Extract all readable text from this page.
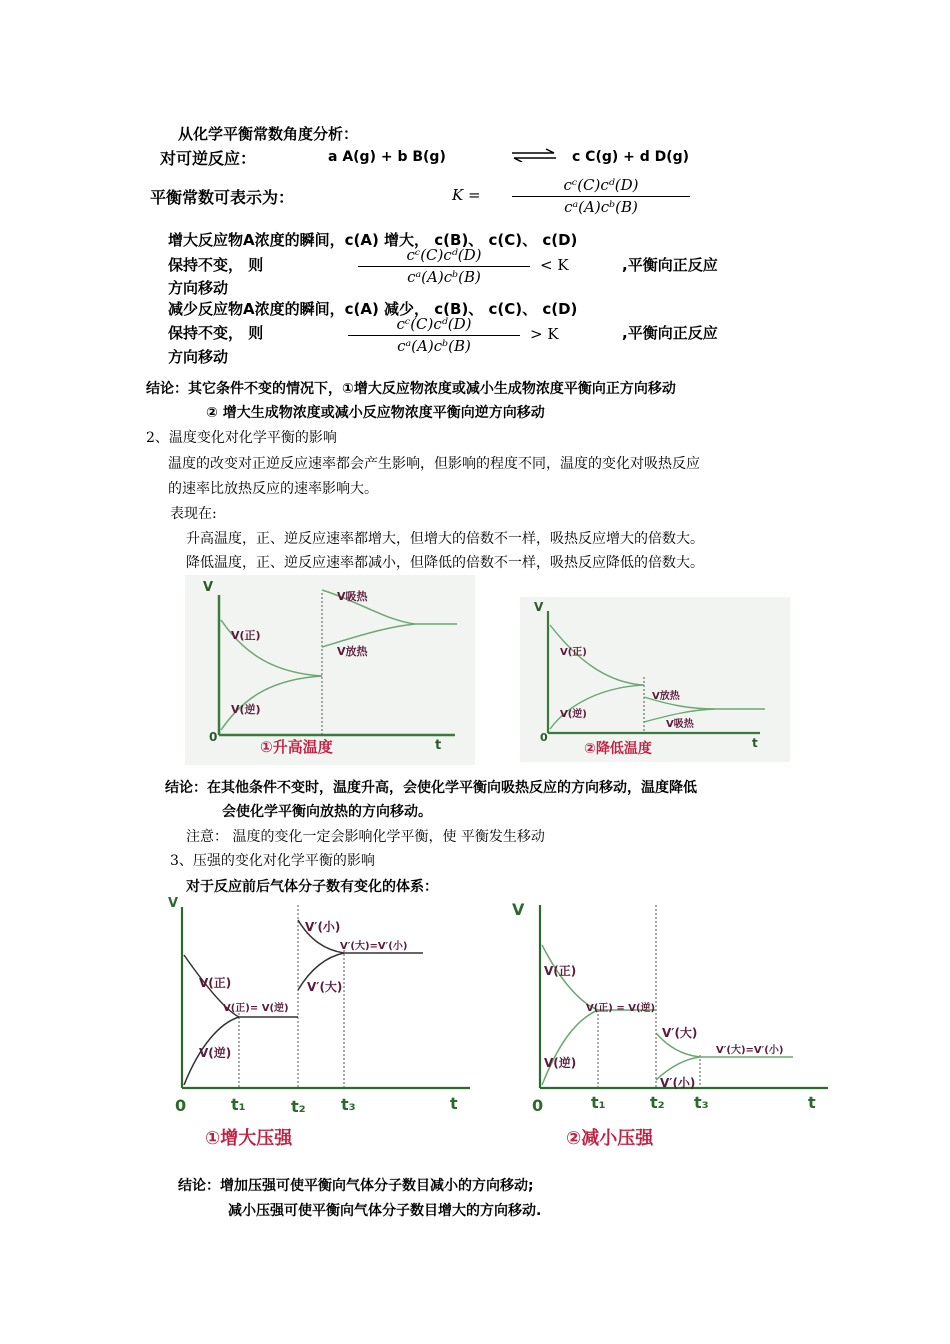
从化学平衡常数角度分析：
对可逆反应：	a A(g) + b B(g)	⇌ c C(g) + d D(g)
平衡常数可表示为：	K =
cᶜ(C)cᵈ(D)
cᵃ(A)cᵇ(B)
增大反应物A浓度的瞬间，c(A) 增大， c(B)、 c(C)、 c(D)
保持不变， 则
cᶜ(C)cᵈ(D)
cᵃ(A)cᵇ(B)
< K	,平衡向正反应
方向移动
减少反应物A浓度的瞬间，c(A) 减少， c(B)、 c(C)、 c(D)
保持不变， 则	cᶜ(C)cᵈ(D)
cᵃ(A)cᵇ(B)
> K	,平衡向正反应
方向移动
结论：其它条件不变的情况下，①增大反应物浓度或减小生成物浓度平衡向正方向移动
② 增大生成物浓度或减小反应物浓度平衡向逆方向移动
2、温度变化对化学平衡的影响
温度的改变对正逆反应速率都会产生影响，但影响的程度不同，温度的变化对吸热反应
的速率比放热反应的速率影响大。
表现在:
升高温度，正、逆反应速率都增大，但增大的倍数不一样，吸热反应增大的倍数大。
降低温度，正、逆反应速率都减小，但降低的倍数不一样，吸热反应降低的倍数大。
V
0
t
V(正)
V(逆)
V吸热
V放热
①升高温度
V
0	t
V(正)
V(逆)
V放热
V吸热
②降低温度
结论：在其他条件不变时，温度升高，会使化学平衡向吸热反应的方向移动，温度降低
会使化学平衡向放热的方向移动。
注意： 温度的变化一定会影响化学平衡，使 平衡发生移动
3、压强的变化对化学平衡的影响
对于反应前后气体分子数有变化的体系：
V
V(正)
V(逆)
V(正)= V(逆)
V′(小)
V′(大)
V′(大)=V′(小)
0	t₁	t₂ t₃	t
①增大压强
V
V(正)
V(逆)
V(正) = V(逆)
V′(大)
V′(大)=V′(小)
V′(小)
0	t₁	t₂ t₃	t
②减小压强
结论：增加压强可使平衡向气体分子数目减小的方向移动;
减小压强可使平衡向气体分子数目增大的方向移动.
